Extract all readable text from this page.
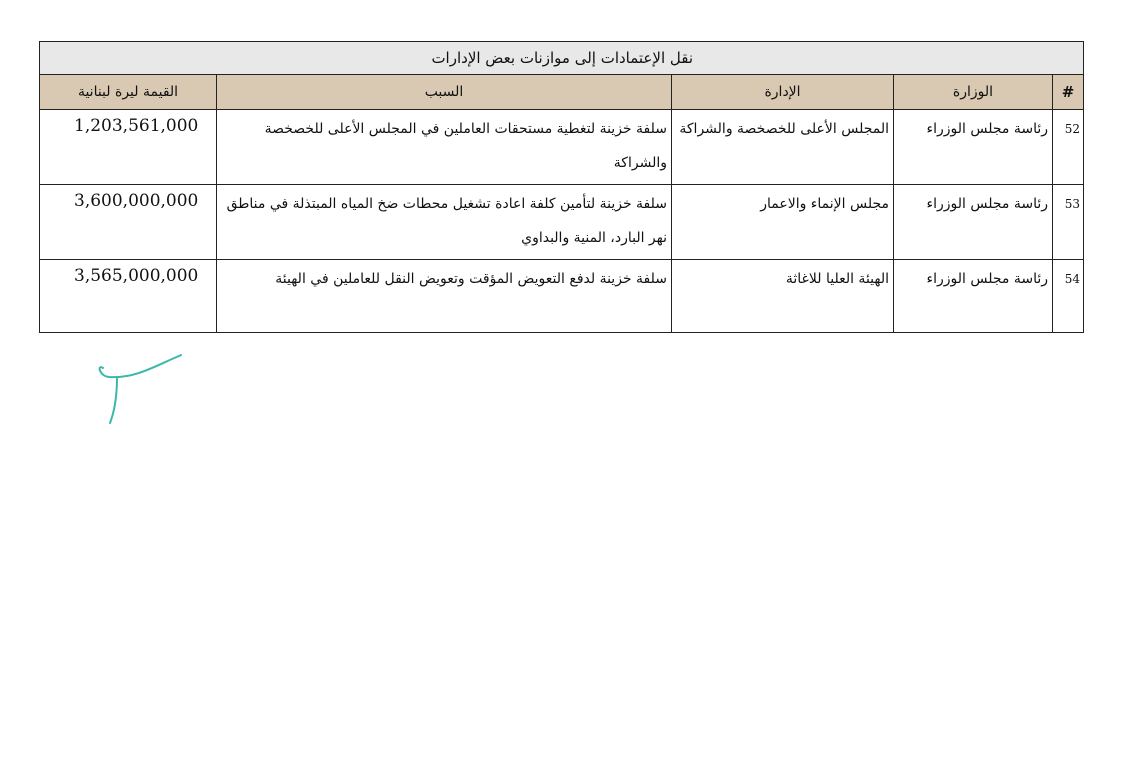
نقل الإعتمادات إلى موازنات بعض الإدارات				
#	الوزارة	الإدارة	السبب	القيمة ليرة لبنانية
52	رئاسة مجلس الوزراء	المجلس الأعلى للخصخصة والشراكة	سلفة خزينة لتغطية مستحقات العاملين في المجلس الأعلى للخصخصة والشراكة	1,203,561,000
53	رئاسة مجلس الوزراء	مجلس الإنماء والاعمار	سلفة خزينة لتأمين كلفة اعادة تشغيل محطات ضخ المياه المبتذلة في مناطق نهر البارد، المنية والبداوي	3,600,000,000
54	رئاسة مجلس الوزراء	الهيئة العليا للاغاثة	سلفة خزينة لدفع التعويض المؤقت وتعويض النقل للعاملين في الهيئة	3,565,000,000
